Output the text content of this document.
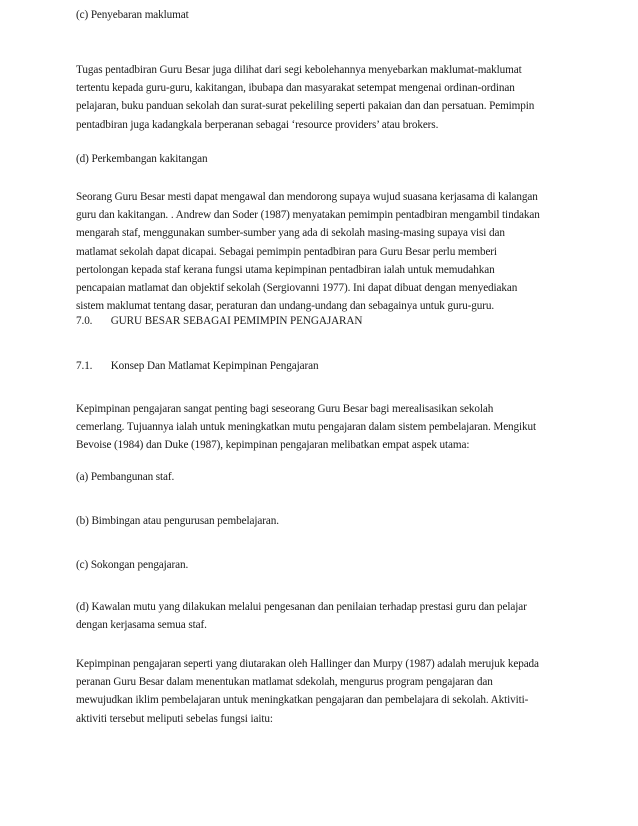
(c) Penyebaran maklumat
Tugas pentadbiran Guru Besar juga dilihat dari segi kebolehannya menyebarkan maklumat-maklumat
tertentu kepada guru-guru, kakitangan, ibubapa dan masyarakat setempat mengenai ordinan-ordinan
pelajaran, buku panduan sekolah dan surat-surat pekeliling seperti pakaian dan dan persatuan. Pemimpin
pentadbiran juga kadangkala berperanan sebagai ‘resource providers’ atau brokers.
(d) Perkembangan kakitangan
Seorang Guru Besar mesti dapat mengawal dan mendorong supaya wujud suasana kerjasama di kalangan
guru dan kakitangan. . Andrew dan Soder (1987) menyatakan pemimpin pentadbiran mengambil tindakan
mengarah staf, menggunakan sumber-sumber yang ada di sekolah masing-masing supaya visi dan
matlamat sekolah dapat dicapai. Sebagai pemimpin pentadbiran para Guru Besar perlu memberi
pertolongan kepada staf kerana fungsi utama kepimpinan pentadbiran ialah untuk memudahkan
pencapaian matlamat dan objektif sekolah (Sergiovanni 1977). Ini dapat dibuat dengan menyediakan
sistem maklumat tentang dasar, peraturan dan undang-undang dan sebagainya untuk guru-guru.
7.0. GURU BESAR SEBAGAI PEMIMPIN PENGAJARAN
7.1. Konsep Dan Matlamat Kepimpinan Pengajaran
Kepimpinan pengajaran sangat penting bagi seseorang Guru Besar bagi merealisasikan sekolah
cemerlang. Tujuannya ialah untuk meningkatkan mutu pengajaran dalam sistem pembelajaran. Mengikut
Bevoise (1984) dan Duke (1987), kepimpinan pengajaran melibatkan empat aspek utama:
(a) Pembangunan staf.
(b) Bimbingan atau pengurusan pembelajaran.
(c) Sokongan pengajaran.
(d) Kawalan mutu yang dilakukan melalui pengesanan dan penilaian terhadap prestasi guru dan pelajar
dengan kerjasama semua staf.
Kepimpinan pengajaran seperti yang diutarakan oleh Hallinger dan Murpy (1987) adalah merujuk kepada
peranan Guru Besar dalam menentukan matlamat sdekolah, mengurus program pengajaran dan
mewujudkan iklim pembelajaran untuk meningkatkan pengajaran dan pembelajara di sekolah. Aktiviti-
aktiviti tersebut meliputi sebelas fungsi iaitu:
